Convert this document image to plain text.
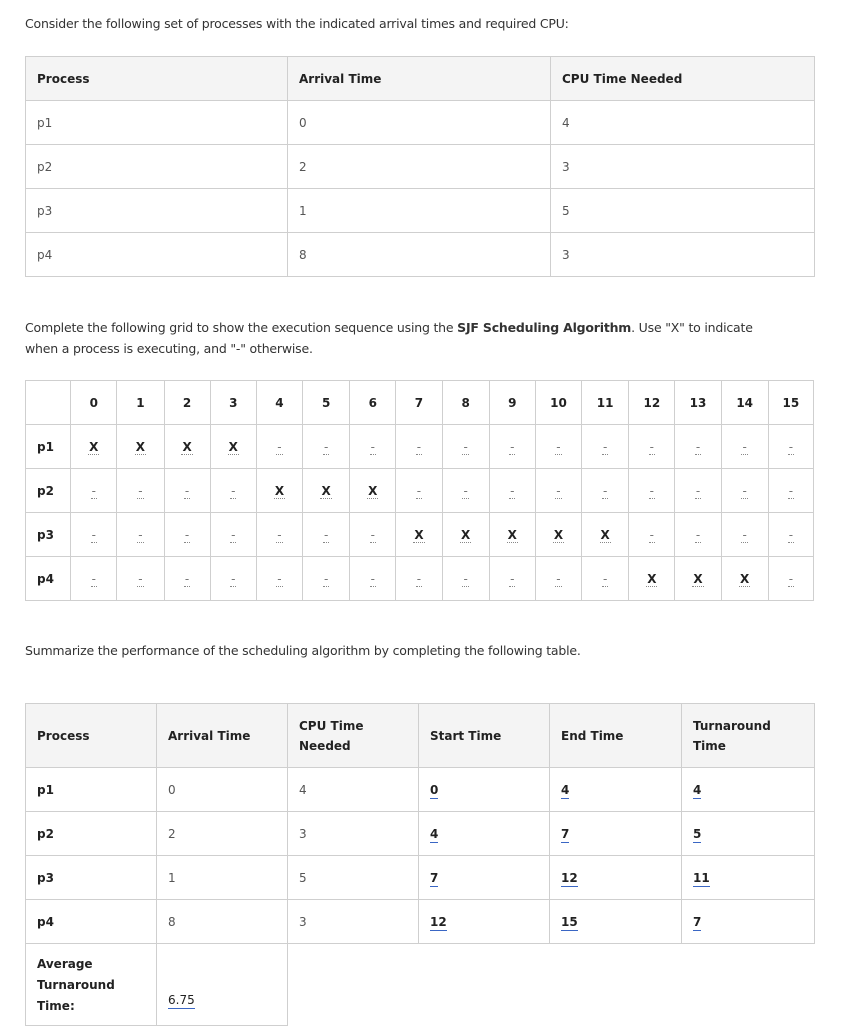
Consider the following set of processes with the indicated arrival times and required CPU:
Process	Arrival Time	CPU Time Needed
p1	0	4
p2	2	3
p3	1	5
p4	8	3
Complete the following grid to show the execution sequence using the SJF Scheduling Algorithm. Use "X" to indicate when a process is executing, and "-" otherwise.
	0	1	2	3	4	5	6	7	8	9	10	11	12	13	14	15
p1	X	X	X	X	-	-	-	-	-	-	-	-	-	-	-	-
p2	-	-	-	-	X	X	X	-	-	-	-	-	-	-	-	-
p3	-	-	-	-	-	-	-	X	X	X	X	X	-	-	-	-
p4	-	-	-	-	-	-	-	-	-	-	-	-	X	X	X	-
Summarize the performance of the scheduling algorithm by completing the following table.
Process	Arrival Time	CPU Time Needed	Start Time	End Time	Turnaround Time
p1	0	4	0	4	4
p2	2	3	4	7	5
p3	1	5	7	12	11
p4	8	3	12	15	7
Average Turnaround Time:	6.75				
